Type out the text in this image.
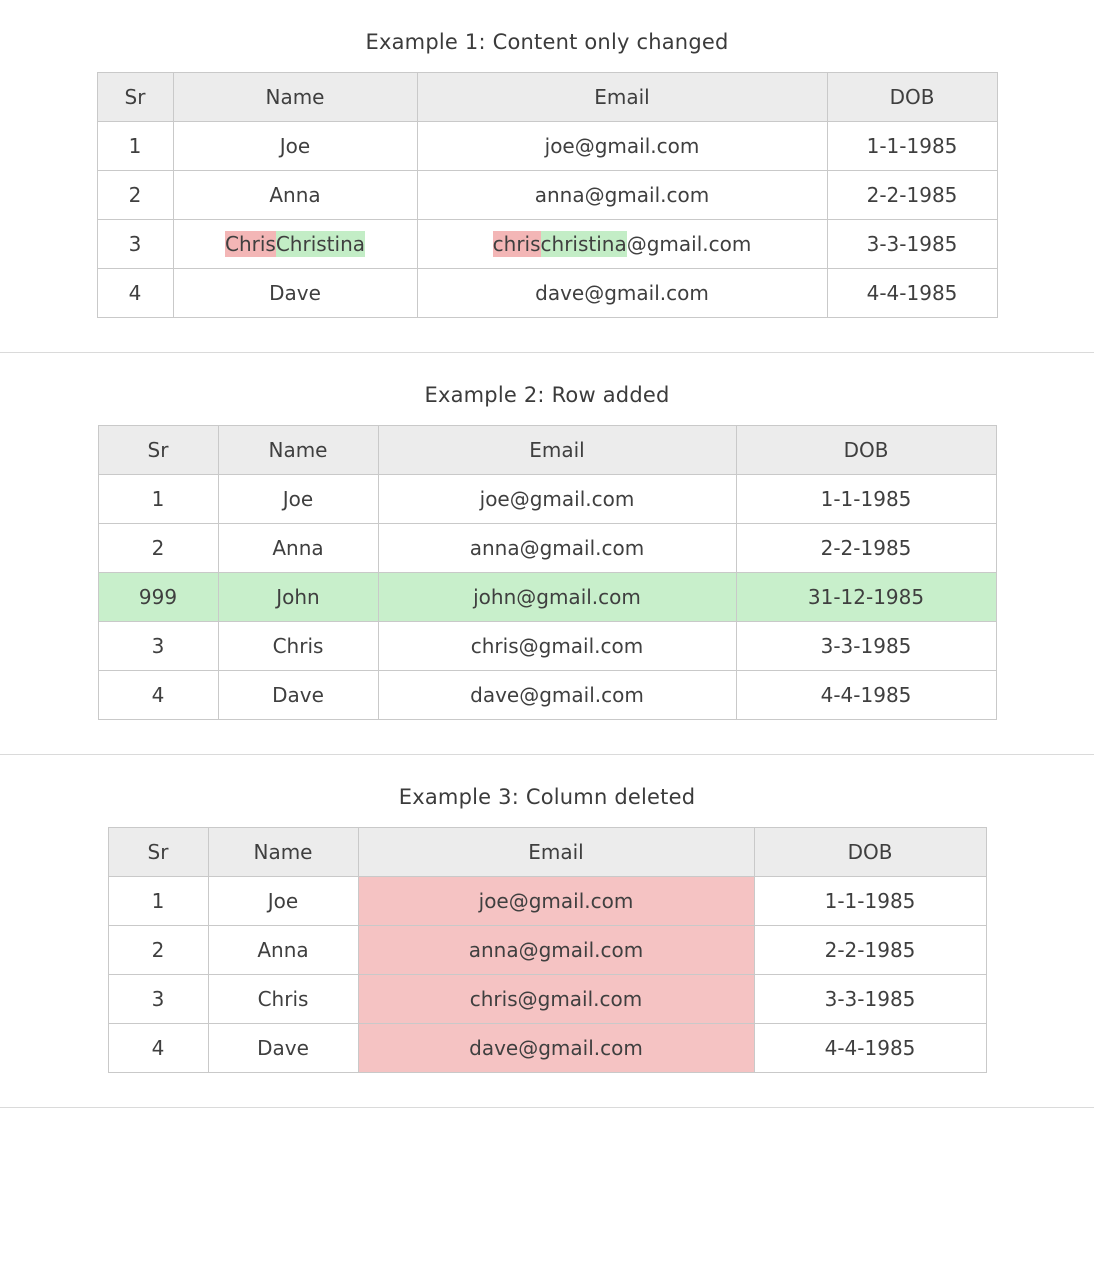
Example 1: Content only changed
Sr	Name	Email	DOB
1	Joe	joe@gmail.com	1-1-1985
2	Anna	anna@gmail.com	2-2-1985
3	ChrisChristina	chrischristina@gmail.com	3-3-1985
4	Dave	dave@gmail.com	4-4-1985
Example 2: Row added
Sr	Name	Email	DOB
1	Joe	joe@gmail.com	1-1-1985
2	Anna	anna@gmail.com	2-2-1985
999	John	john@gmail.com	31-12-1985
3	Chris	chris@gmail.com	3-3-1985
4	Dave	dave@gmail.com	4-4-1985
Example 3: Column deleted
Sr	Name	Email	DOB
1	Joe	joe@gmail.com	1-1-1985
2	Anna	anna@gmail.com	2-2-1985
3	Chris	chris@gmail.com	3-3-1985
4	Dave	dave@gmail.com	4-4-1985
